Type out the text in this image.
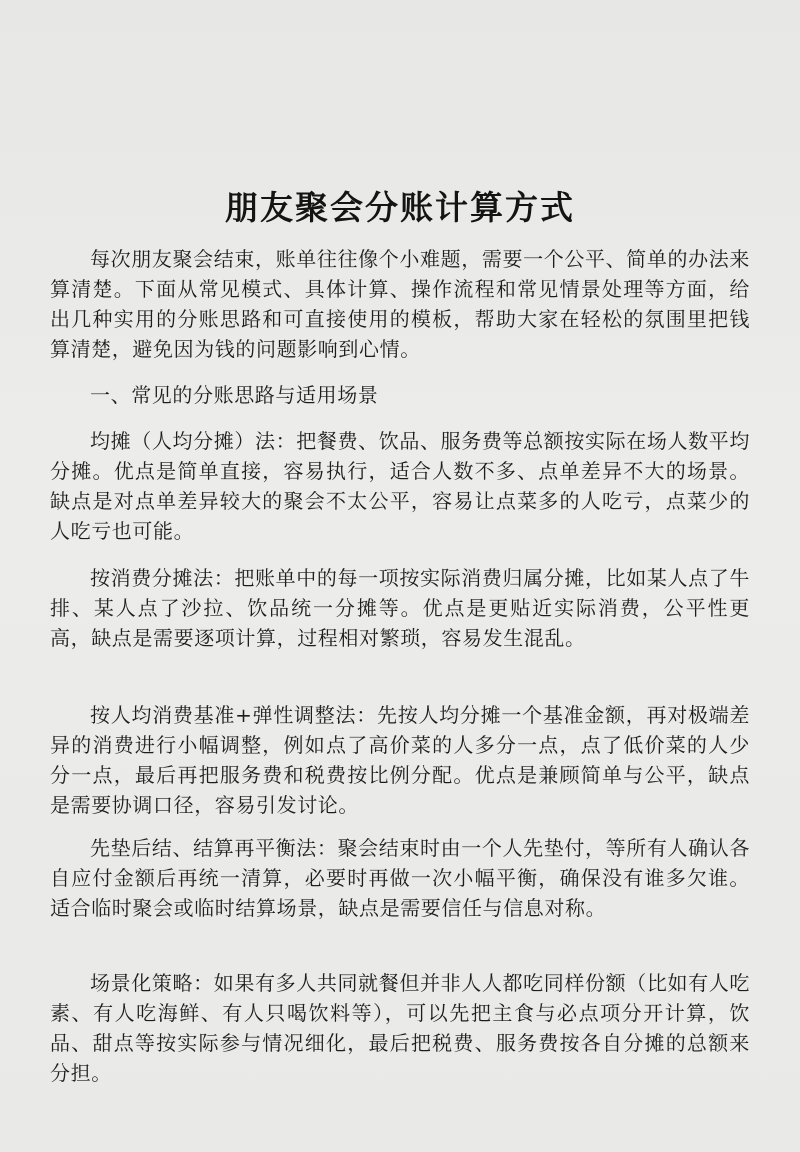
朋友聚会分账计算方式

每次朋友聚会结束，账单往往像个小难题，需要一个公平、简单的办法来算清楚。下面从常见模式、具体计算、操作流程和常见情景处理等方面，给出几种实用的分账思路和可直接使用的模板，帮助大家在轻松的氛围里把钱算清楚，避免因为钱的问题影响到心情。

一、常见的分账思路与适用场景

均摊（人均分摊）法：把餐费、饮品、服务费等总额按实际在场人数平均分摊。优点是简单直接，容易执行，适合人数不多、点单差异不大的场景。缺点是对点单差异较大的聚会不太公平，容易让点菜多的人吃亏，点菜少的人吃亏也可能。

按消费分摊法：把账单中的每一项按实际消费归属分摊，比如某人点了牛排、某人点了沙拉、饮品统一分摊等。优点是更贴近实际消费，公平性更高，缺点是需要逐项计算，过程相对繁琐，容易发生混乱。

按人均消费基准+弹性调整法：先按人均分摊一个基准金额，再对极端差异的消费进行小幅调整，例如点了高价菜的人多分一点，点了低价菜的人少分一点，最后再把服务费和税费按比例分配。优点是兼顾简单与公平，缺点是需要协调口径，容易引发讨论。

先垫后结、结算再平衡法：聚会结束时由一个人先垫付，等所有人确认各自应付金额后再统一清算，必要时再做一次小幅平衡，确保没有谁多欠谁。适合临时聚会或临时结算场景，缺点是需要信任与信息对称。

场景化策略：如果有多人共同就餐但并非人人都吃同样份额（比如有人吃素、有人吃海鲜、有人只喝饮料等），可以先把主食与必点项分开计算，饮品、甜点等按实际参与情况细化，最后把税费、服务费按各自分摊的总额来分担。
